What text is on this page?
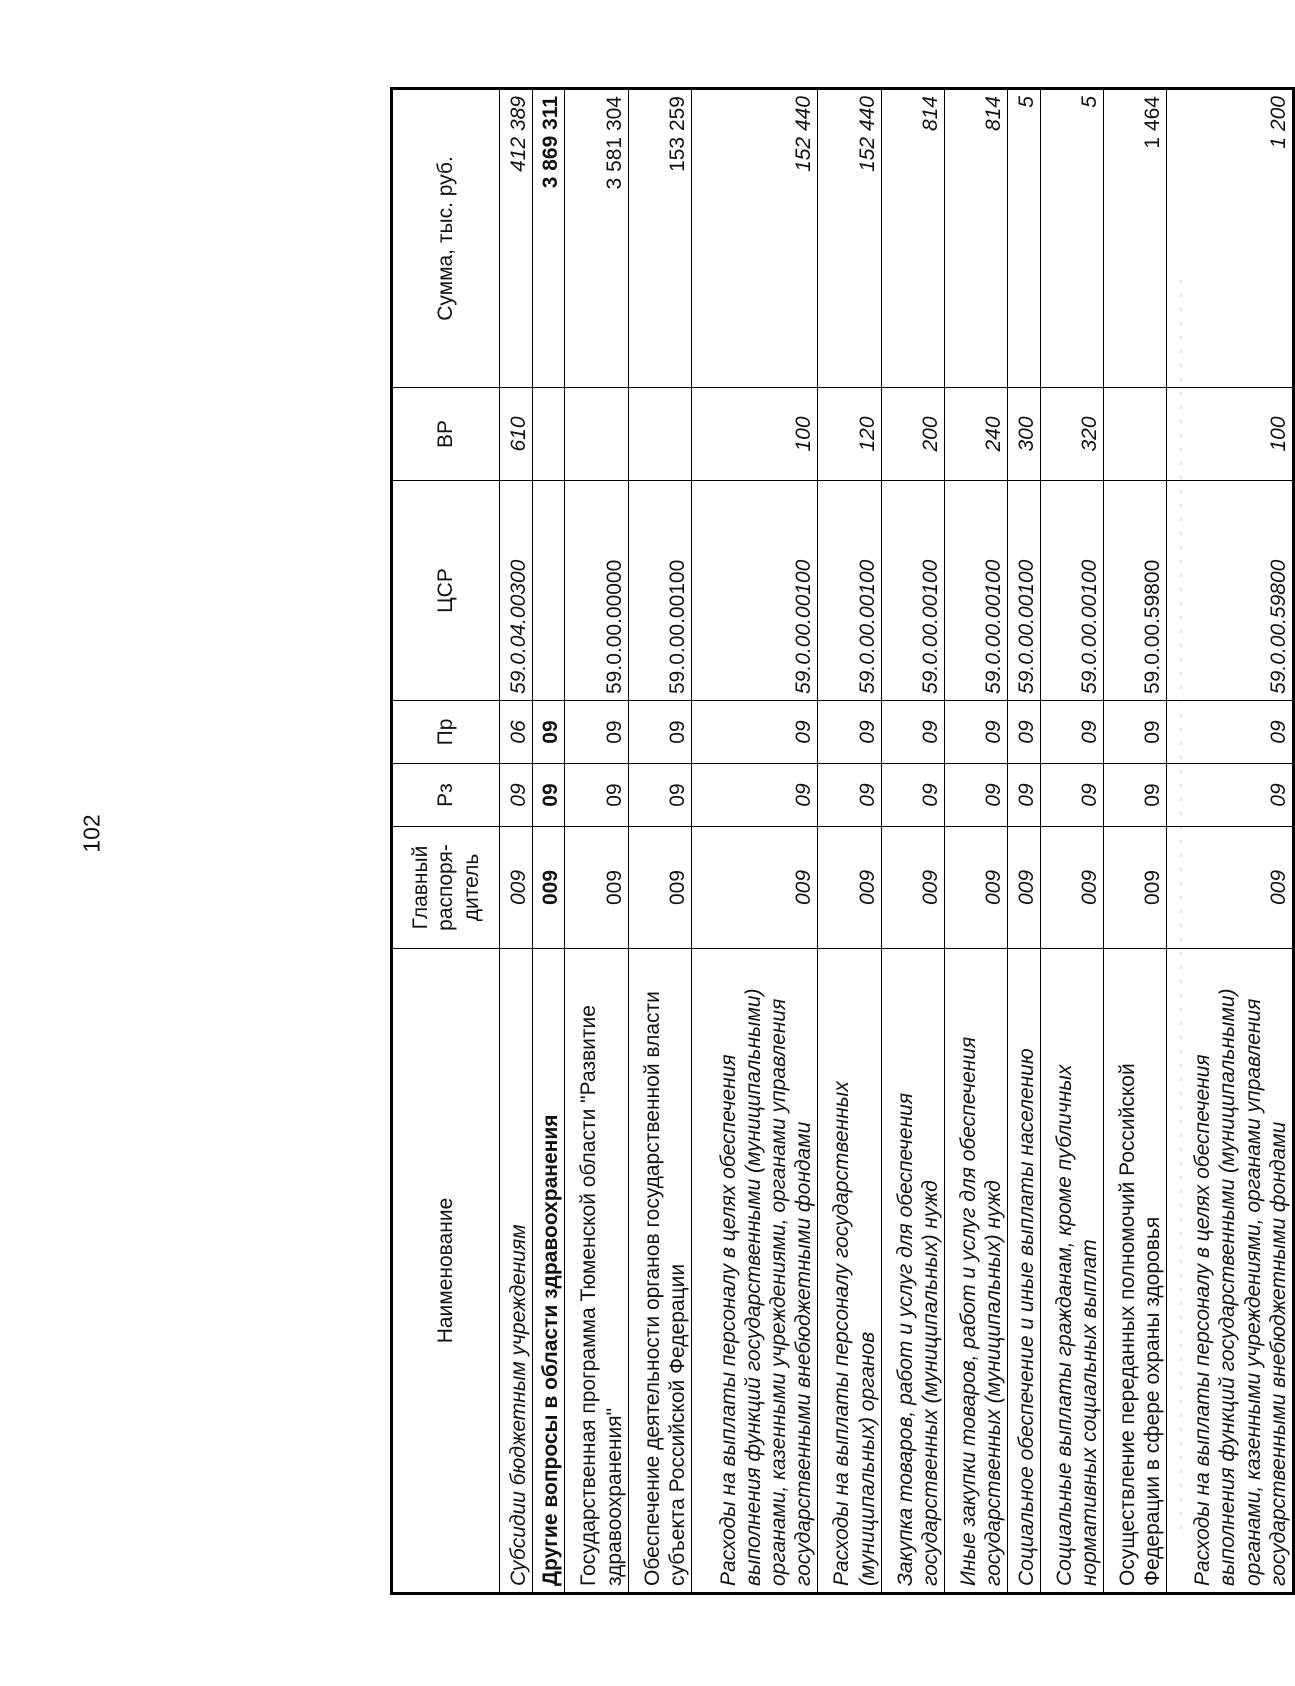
102
Наименование	Главный распоря- дитель	Рз	Пр	ЦСР	ВР	Сумма, тыс. руб.
Субсидии бюджетным учреждениям	009	09	06	59.0.04.00300	610	412 389
Другие вопросы в области здравоохранения	009	09	09			3 869 311
Государственная программа Тюменской области "Развитие здравоохранения"	009	09	09	59.0.00.00000		3 581 304
Обеспечение деятельности органов государственной власти субъекта Российской Федерации	009	09	09	59.0.00.00100		153 259
Расходы на выплаты персоналу в целях обеспечения выполнения функций государственными (муниципальными) органами, казенными учреждениями, органами управления государственными внебюджетными фондами	009	09	09	59.0.00.00100	100	152 440
Расходы на выплаты персоналу государственных (муниципальных) органов	009	09	09	59.0.00.00100	120	152 440
Закупка товаров, работ и услуг для обеспечения государственных (муниципальных) нужд	009	09	09	59.0.00.00100	200	814
Иные закупки товаров, работ и услуг для обеспечения государственных (муниципальных) нужд	009	09	09	59.0.00.00100	240	814
Социальное обеспечение и иные выплаты населению	009	09	09	59.0.00.00100	300	5
Социальные выплаты гражданам, кроме публичных нормативных социальных выплат	009	09	09	59.0.00.00100	320	5
Осуществление переданных полномочий Российской Федерации в сфере охраны здоровья	009	09	09	59.0.00.59800		1 464
Расходы на выплаты персоналу в целях обеспечения выполнения функций государственными (муниципальными) органами, казенными учреждениями, органами управления государственными внебюджетными фондами	009	09	09	59.0.00.59800	100	1 200
